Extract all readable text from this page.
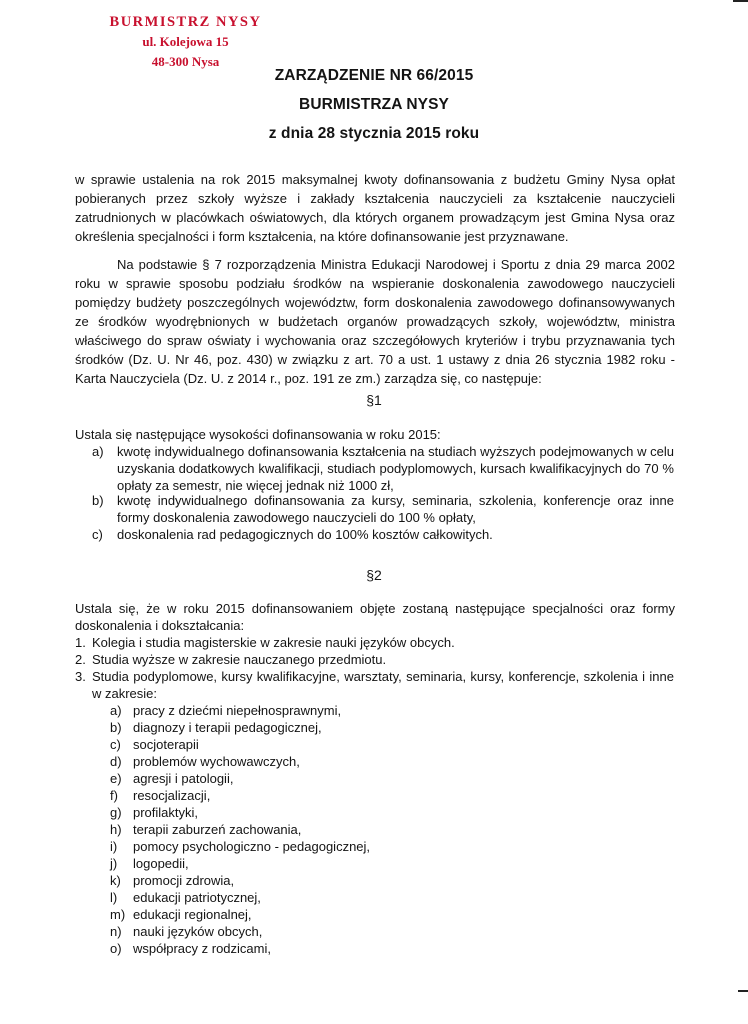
BURMISTRZ NYSY
ul. Kolejowa 15
48-300 Nysa
ZARZĄDZENIE NR 66/2015
BURMISTRZA NYSY
z dnia 28 stycznia 2015 roku
w sprawie ustalenia na rok 2015 maksymalnej kwoty dofinansowania z budżetu Gminy Nysa opłat pobieranych przez szkoły wyższe i zakłady kształcenia nauczycieli za kształcenie nauczycieli zatrudnionych w placówkach oświatowych, dla których organem prowadzącym jest Gmina Nysa oraz określenia specjalności i form kształcenia, na które dofinansowanie jest przyznawane.
Na podstawie § 7 rozporządzenia Ministra Edukacji Narodowej i Sportu z dnia 29 marca 2002 roku w sprawie sposobu podziału środków na wspieranie doskonalenia zawodowego nauczycieli pomiędzy budżety poszczególnych województw, form doskonalenia zawodowego dofinansowywanych ze środków wyodrębnionych w budżetach organów prowadzących szkoły, województw, ministra właściwego do spraw oświaty i wychowania oraz szczegółowych kryteriów i trybu przyznawania tych środków (Dz. U. Nr 46, poz. 430) w związku z art. 70 a ust. 1 ustawy z dnia 26 stycznia 1982 roku - Karta Nauczyciela (Dz. U. z 2014 r., poz. 191 ze zm.) zarządza się, co następuje:
§1
Ustala się następujące wysokości dofinansowania w roku 2015:
a) kwotę indywidualnego dofinansowania kształcenia na studiach wyższych podejmowanych w celu uzyskania dodatkowych kwalifikacji, studiach podyplomowych, kursach kwalifikacyjnych do 70 % opłaty za semestr, nie więcej jednak niż 1000 zł,
b) kwotę indywidualnego dofinansowania za kursy, seminaria, szkolenia, konferencje oraz inne formy doskonalenia zawodowego nauczycieli do 100 % opłaty,
c) doskonalenia rad pedagogicznych do 100% kosztów całkowitych.
§2
Ustala się, że w roku 2015 dofinansowaniem objęte zostaną następujące specjalności oraz formy doskonalenia i dokształcania:
1. Kolegia i studia magisterskie w zakresie nauki języków obcych.
2. Studia wyższe w zakresie nauczanego przedmiotu.
3. Studia podyplomowe, kursy kwalifikacyjne, warsztaty, seminaria, kursy, konferencje, szkolenia i inne w zakresie:
a) pracy z dziećmi niepełnosprawnymi,
b) diagnozy i terapii pedagogicznej,
c) socjoterapii
d) problemów wychowawczych,
e) agresji i patologii,
f) resocjalizacji,
g) profilaktyki,
h) terapii zaburzeń zachowania,
i) pomocy psychologiczno - pedagogicznej,
j) logopedii,
k) promocji zdrowia,
l) edukacji patriotycznej,
m) edukacji regionalnej,
n) nauki języków obcych,
o) współpracy z rodzicami,
